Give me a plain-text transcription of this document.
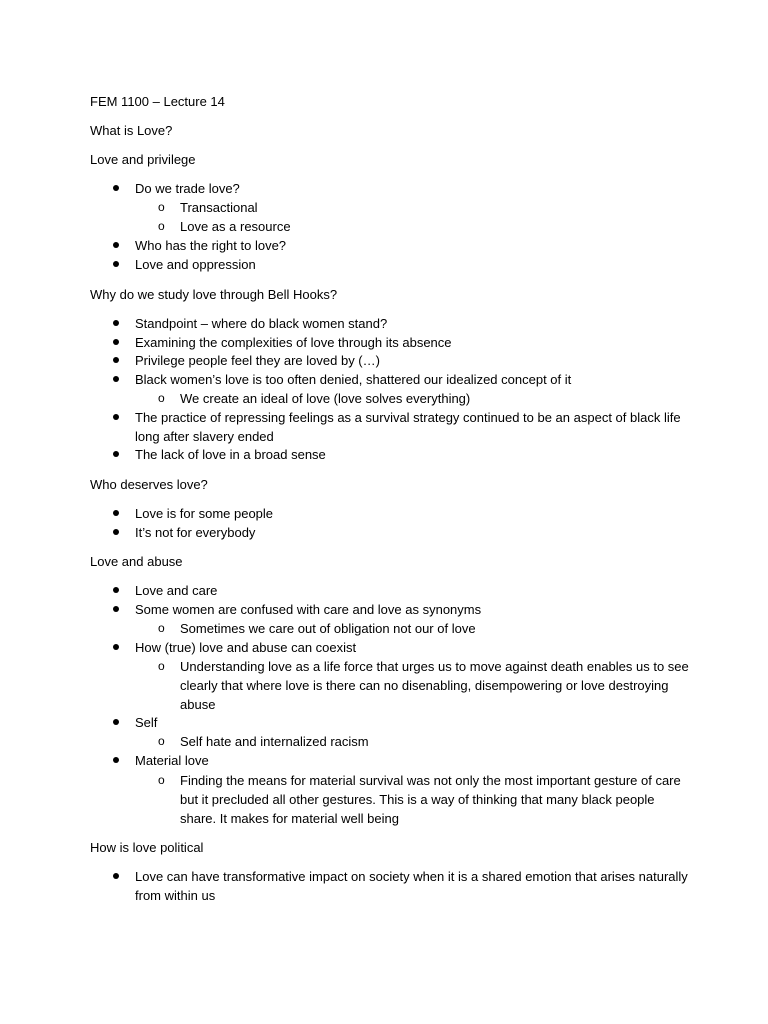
FEM 1100 – Lecture 14
What is Love?
Love and privilege
Do we trade love?
o Transactional
o Love as a resource
Who has the right to love?
Love and oppression
Why do we study love through Bell Hooks?
Standpoint – where do black women stand?
Examining the complexities of love through its absence
Privilege people feel they are loved by (…)
Black women’s love is too often denied, shattered our idealized concept of it
o We create an ideal of love (love solves everything)
The practice of repressing feelings as a survival strategy continued to be an aspect of black life
long after slavery ended
The lack of love in a broad sense
Who deserves love?
Love is for some people
It’s not for everybody
Love and abuse
Love and care
Some women are confused with care and love as synonyms
o Sometimes we care out of obligation not our of love
How (true) love and abuse can coexist
o Understanding love as a life force that urges us to move against death enables us to see
clearly that where love is there can no disenabling, disempowering or love destroying
abuse
Self
o Self hate and internalized racism
Material love
o Finding the means for material survival was not only the most important gesture of care
but it precluded all other gestures. This is a way of thinking that many black people
share. It makes for material well being
How is love political
Love can have transformative impact on society when it is a shared emotion that arises naturally
from within us
